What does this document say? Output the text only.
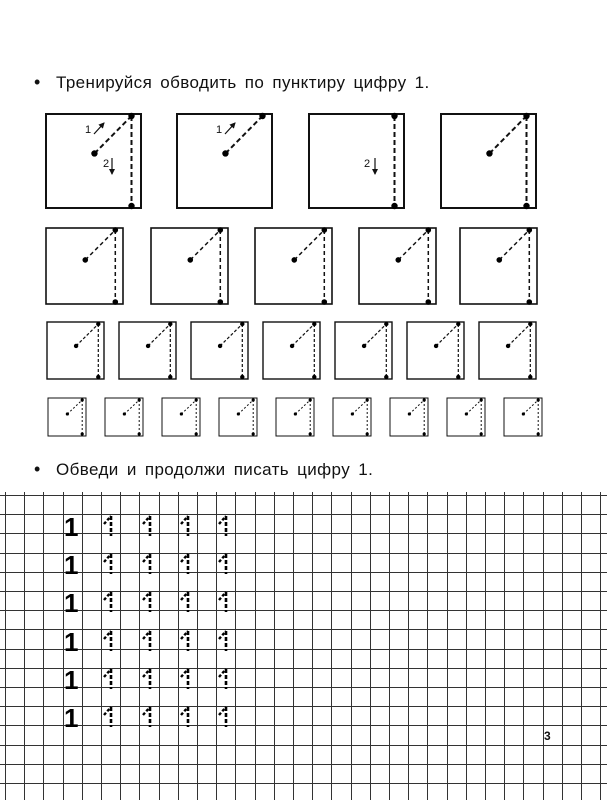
• Тренируйся обводить по пунктиру цифру 1.
1
2
1
2
• Обведи и продолжи писать цифру 1.
1
1
1
1
1
1
3
